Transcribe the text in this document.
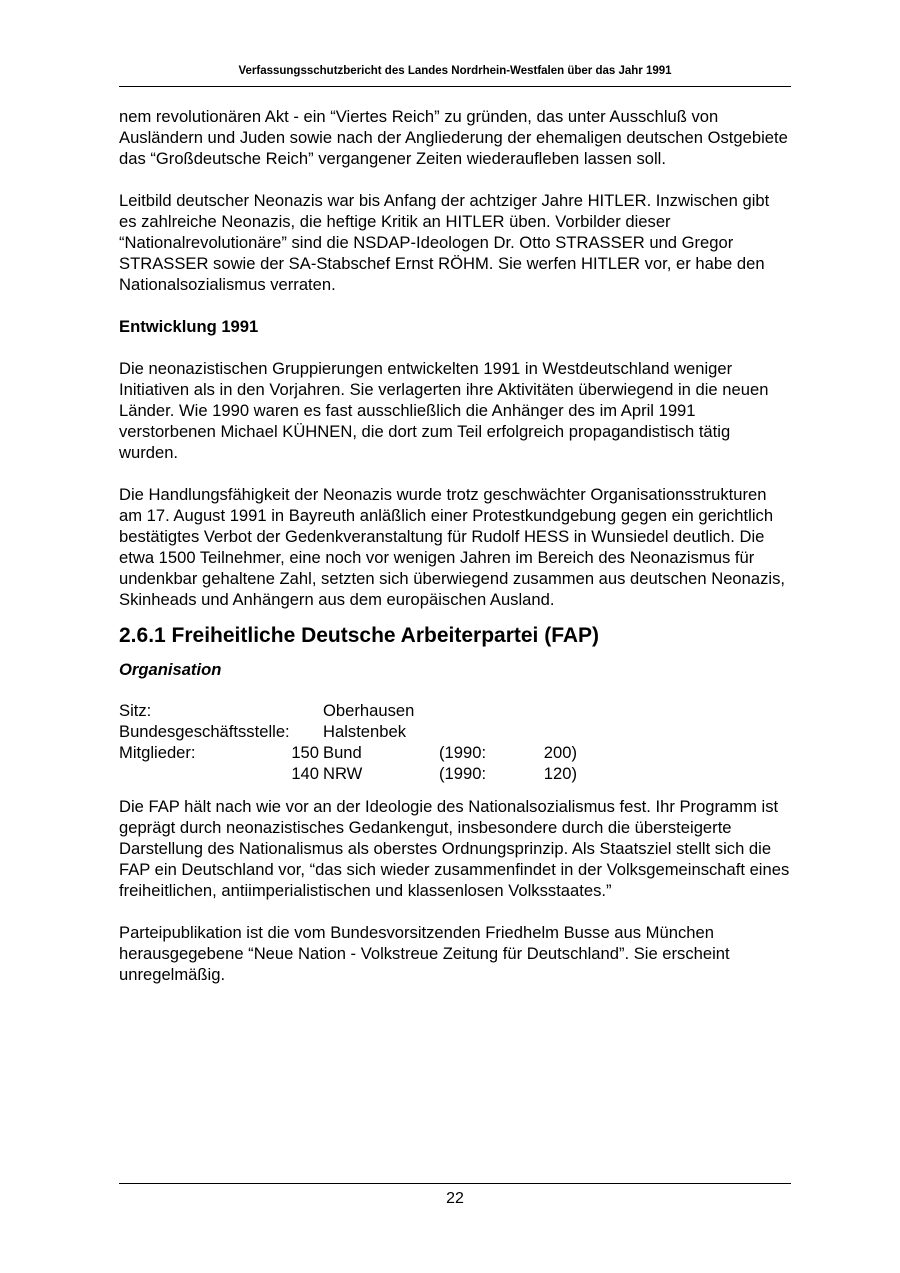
Verfassungsschutzbericht des Landes Nordrhein-Westfalen über das Jahr 1991

nem revolutionären Akt - ein “Viertes Reich” zu gründen, das unter Ausschluß von Ausländern und Juden sowie nach der Angliederung der ehemaligen deutschen Ostgebiete das “Großdeutsche Reich” vergangener Zeiten wiederaufleben lassen soll.

Leitbild deutscher Neonazis war bis Anfang der achtziger Jahre HITLER. Inzwischen gibt es zahlreiche Neonazis, die heftige Kritik an HITLER üben. Vorbilder dieser “Nationalrevolutionäre” sind die NSDAP-Ideologen Dr. Otto STRASSER und Gregor STRASSER sowie der SA-Stabschef Ernst RÖHM. Sie werfen HITLER vor, er habe den Nationalsozialismus verraten.

Entwicklung 1991

Die neonazistischen Gruppierungen entwickelten 1991 in Westdeutschland weniger Initiativen als in den Vorjahren. Sie verlagerten ihre Aktivitäten überwiegend in die neuen Länder. Wie 1990 waren es fast ausschließlich die Anhänger des im April 1991 verstorbenen Michael KÜHNEN, die dort zum Teil erfolgreich propagandistisch tätig wurden.

Die Handlungsfähigkeit der Neonazis wurde trotz geschwächter Organisationsstrukturen am 17. August 1991 in Bayreuth anläßlich einer Protestkundgebung gegen ein gerichtlich bestätigtes Verbot der Gedenkveranstaltung für Rudolf HESS in Wunsiedel deutlich. Die etwa 1500 Teilnehmer, eine noch vor wenigen Jahren im Bereich des Neonazismus für undenkbar gehaltene Zahl, setzten sich überwiegend zusammen aus deutschen Neonazis, Skinheads und Anhängern aus dem europäischen Ausland.

2.6.1 Freiheitliche Deutsche Arbeiterpartei (FAP)
Organisation
Sitz:		Oberhausen		
Bundesgeschäftsstelle:		Halstenbek		
Mitglieder:	150	Bund	(1990:	200)
	140	NRW	(1990:	120)

Die FAP hält nach wie vor an der Ideologie des Nationalsozialismus fest. Ihr Programm ist geprägt durch neonazistisches Gedankengut, insbesondere durch die übersteigerte Darstellung des Nationalismus als oberstes Ordnungsprinzip. Als Staatsziel stellt sich die FAP ein Deutschland vor, “das sich wieder zusammenfindet in der Volksgemeinschaft eines freiheitlichen, antiimperialistischen und klassenlosen Volksstaates.”

Parteipublikation ist die vom Bundesvorsitzenden Friedhelm Busse aus München herausgegebene “Neue Nation - Volkstreue Zeitung für Deutschland”. Sie erscheint unregelmäßig.

22
